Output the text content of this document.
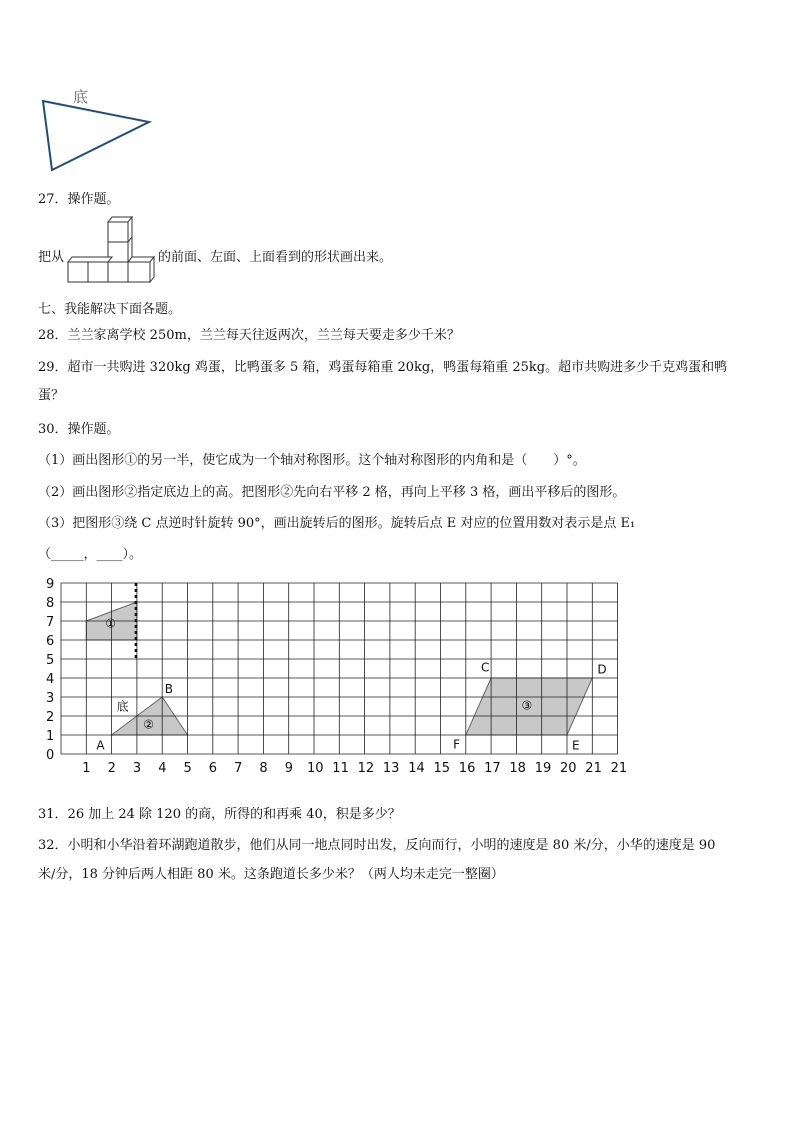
底
27．操作题。
把从	的前面、左面、上面看到的形状画出来。
七、我能解决下面各题。
28．兰兰家离学校 250m，兰兰每天往返两次，兰兰每天要走多少千米？
29．超市一共购进 320kg 鸡蛋，比鸭蛋多 5 箱，鸡蛋每箱重 20kg，鸭蛋每箱重 25kg。超市共购进多少千克鸡蛋和鸭
蛋？
30．操作题。
（1）画出图形①的另一半，使它成为一个轴对称图形。这个轴对称图形的内角和是（　　）°。
（2）画出图形②指定底边上的高。把图形②先向右平移 2 格，再向上平移 3 格，画出平移后的图形。
（3）把图形③绕 C 点逆时针旋转 90°，画出旋转后的图形。旋转后点 E 对应的位置用数对表示是点 E₁
（_____，____）。
9
8
7
6
5
4
3
2
1
0
1 2 3 4 5 6 7 8 9 10 11 12 13 14 15 16 17 18 19 20 21 21
①
②
底	③
A
B
C	D
E
F
31．26 加上 24 除 120 的商，所得的和再乘 40，积是多少？
32．小明和小华沿着环湖跑道散步，他们从同一地点同时出发，反向而行，小明的速度是 80 米/分，小华的速度是 90
米/分，18 分钟后两人相距 80 米。这条跑道长多少米？（两人均未走完一整圈）
